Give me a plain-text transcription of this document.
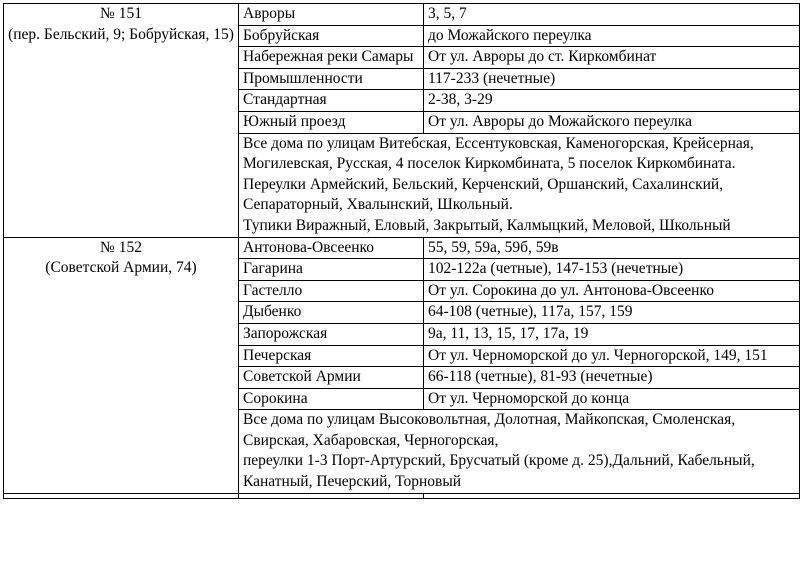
№ 151
(пер. Бельский, 9; Бобруйская, 15)	Авроры	3, 5, 7
	Бобруйская	до Можайского переулка
	Набережная реки Самары	От ул. Авроры до ст. Киркомбинат
	Промышленности	117-233 (нечетные)
	Стандартная	2-38, 3-29
	Южный проезд	От ул. Авроры до Можайского переулка

	Все дома по улицам Витебская, Ессентуковская, Каменогорская, Крейсерная, Могилевская, Русская, 4 поселок Киркомбината, 5 поселок Киркомбината.
Переулки Армейский, Бельский, Керченский, Оршанский, Сахалинский, Сепараторный, Хвалынский, Школьный.
Тупики Виражный, Еловый, Закрытый, Калмыцкий, Меловой, Школьный	

№ 152
(Советской Армии, 74)	Антонова-Овсеенко	55, 59, 59а, 59б, 59в
	Гагарина	102-122а (четные), 147-153 (нечетные)
	Гастелло	От ул. Сорокина до ул. Антонова-Овсеенко
	Дыбенко	64-108 (четные), 117а, 157, 159
	Запорожская	9а, 11, 13, 15, 17, 17а, 19
	Печерская	От ул. Черноморской до ул. Черногорской, 149, 151
	Советской Армии	66-118 (четные), 81-93 (нечетные)
	Сорокина	От ул. Черноморской до конца

	Все дома по улицам Высоковольтная, Долотная, Майкопская, Смоленская, Свирская, Хабаровская, Черногорская,
переулки 1-3 Порт-Артурский, Брусчатый (кроме д. 25),Дальний, Кабельный, Канатный, Печерский, Торновый	
